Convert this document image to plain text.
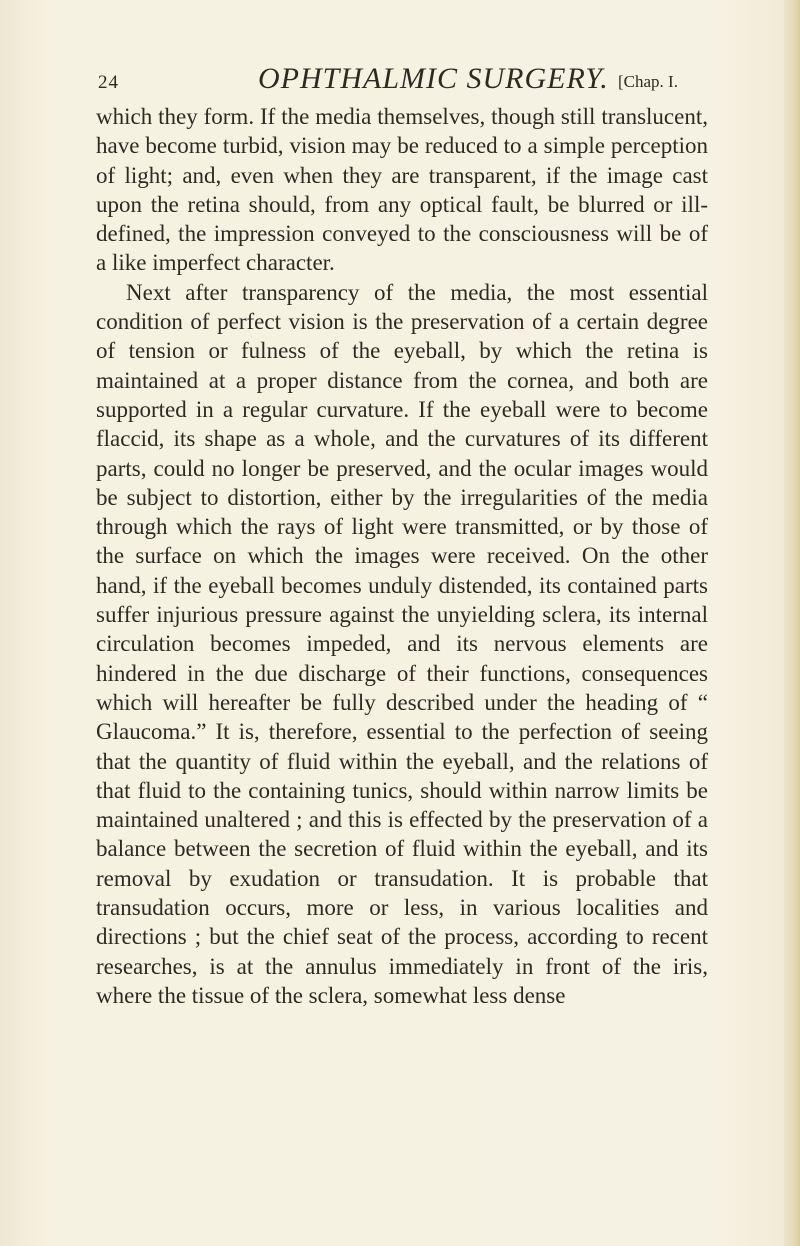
24	OPHTHALMIC SURGERY. [Chap. I.

which they form. If the media themselves, though still translucent, have become turbid, vision may be reduced to a simple perception of light; and, even when they are transparent, if the image cast upon the retina should, from any optical fault, be blurred or ill-defined, the impression conveyed to the consciousness will be of a like imperfect character.

Next after transparency of the media, the most essential condition of perfect vision is the preservation of a certain degree of tension or fulness of the eyeball, by which the retina is maintained at a proper distance from the cornea, and both are supported in a regular curvature. If the eyeball were to become flaccid, its shape as a whole, and the curvatures of its different parts, could no longer be preserved, and the ocular images would be subject to distortion, either by the irregularities of the media through which the rays of light were transmitted, or by those of the surface on which the images were received. On the other hand, if the eyeball becomes unduly distended, its contained parts suffer injurious pressure against the unyielding sclera, its internal circulation becomes impeded, and its nervous elements are hindered in the due discharge of their functions, consequences which will hereafter be fully described under the heading of “ Glaucoma.” It is, therefore, essential to the perfection of seeing that the quantity of fluid within the eyeball, and the relations of that fluid to the containing tunics, should within narrow limits be maintained unaltered ; and this is effected by the preservation of a balance between the secretion of fluid within the eyeball, and its removal by exudation or transudation. It is probable that transudation occurs, more or less, in various localities and directions ; but the chief seat of the process, according to recent researches, is at the annulus immediately in front of the iris, where the tissue of the sclera, somewhat less dense
